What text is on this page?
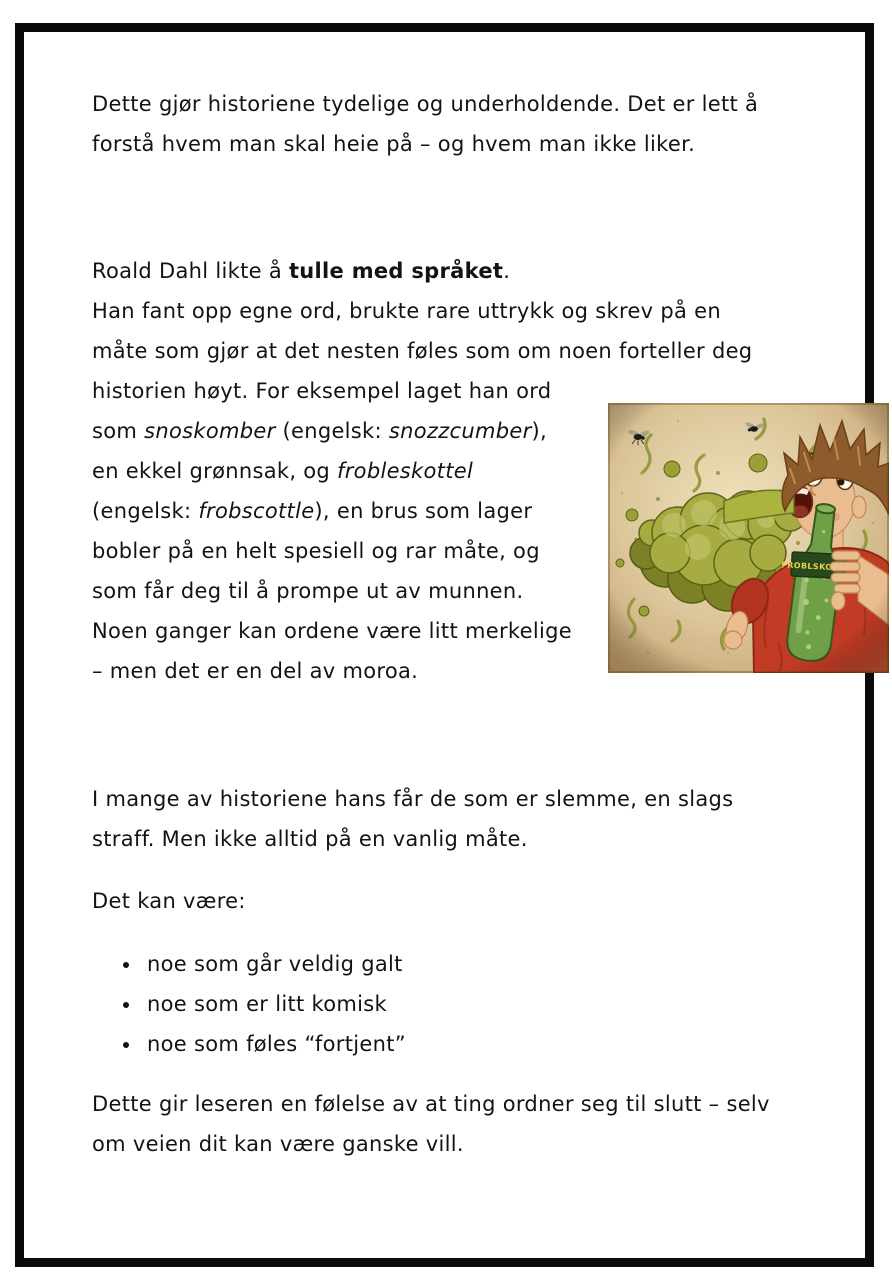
Dette gjør historiene tydelige og underholdende. Det er lett å
forstå hvem man skal heie på – og hvem man ikke liker.
Roald Dahl likte å tulle med språket.
Han fant opp egne ord, brukte rare uttrykk og skrev på en
måte som gjør at det nesten føles som om noen forteller deg
historien høyt. For eksempel laget han ord
som snoskomber (engelsk: snozzcumber),
en ekkel grønnsak, og frobleskottel
(engelsk: frobscottle), en brus som lager
bobler på en helt spesiell og rar måte, og
som får deg til å prompe ut av munnen.
Noen ganger kan ordene være litt merkelige
– men det er en del av moroa.
I mange av historiene hans får de som er slemme, en slags
straff. Men ikke alltid på en vanlig måte.
Det kan være:
noe som går veldig galt
noe som er litt komisk
noe som føles “fortjent”
Dette gir leseren en følelse av at ting ordner seg til slutt – selv
om veien dit kan være ganske vill.
